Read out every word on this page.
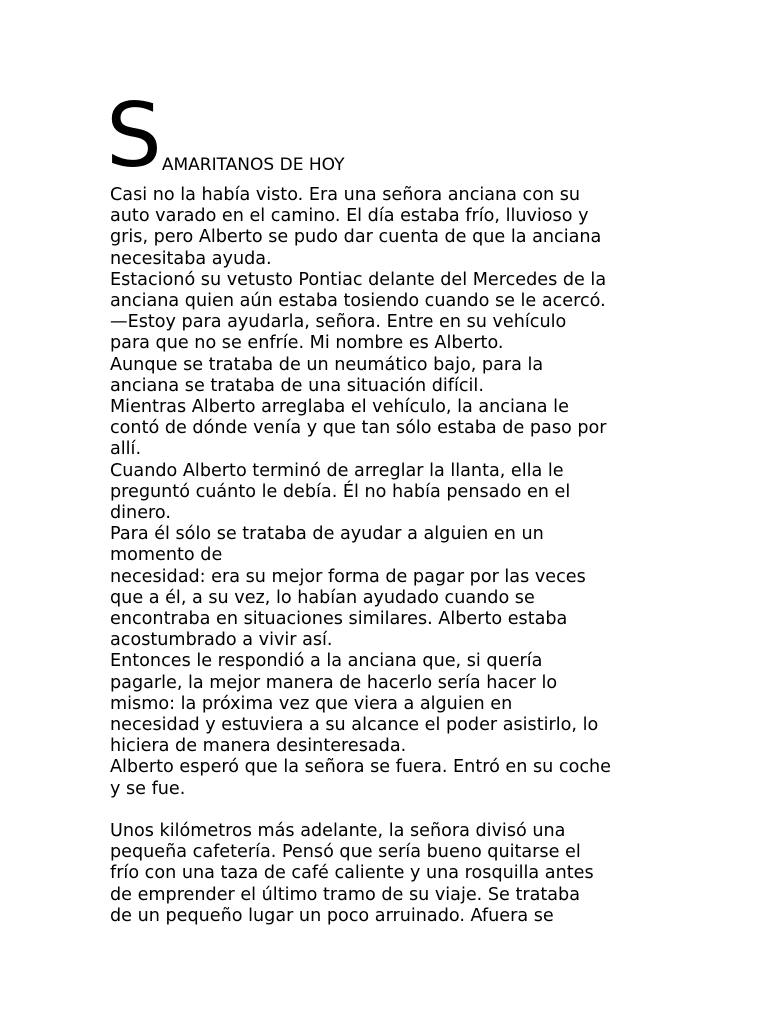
S AMARITANOS DE HOY
Casi no la había visto. Era una señora anciana con su
auto varado en el camino. El día estaba frío, lluvioso y
gris, pero Alberto se pudo dar cuenta de que la anciana
necesitaba ayuda.
Estacionó su vetusto Pontiac delante del Mercedes de la
anciana quien aún estaba tosiendo cuando se le acercó.
—Estoy para ayudarla, señora. Entre en su vehículo
para que no se enfríe. Mi nombre es Alberto.
Aunque se trataba de un neumático bajo, para la
anciana se trataba de una situación difícil.
Mientras Alberto arreglaba el vehículo, la anciana le
contó de dónde venía y que tan sólo estaba de paso por
allí.
Cuando Alberto terminó de arreglar la llanta, ella le
preguntó cuánto le debía. Él no había pensado en el
dinero.
Para él sólo se trataba de ayudar a alguien en un
momento de
necesidad: era su mejor forma de pagar por las veces
que a él, a su vez, lo habían ayudado cuando se
encontraba en situaciones similares. Alberto estaba
acostumbrado a vivir así.
Entonces le respondió a la anciana que, si quería
pagarle, la mejor manera de hacerlo sería hacer lo
mismo: la próxima vez que viera a alguien en
necesidad y estuviera a su alcance el poder asistirlo, lo
hiciera de manera desinteresada.
Alberto esperó que la señora se fuera. Entró en su coche
y se fue.
Unos kilómetros más adelante, la señora divisó una
pequeña cafetería. Pensó que sería bueno quitarse el
frío con una taza de café caliente y una rosquilla antes
de emprender el último tramo de su viaje. Se trataba
de un pequeño lugar un poco arruinado. Afuera se
